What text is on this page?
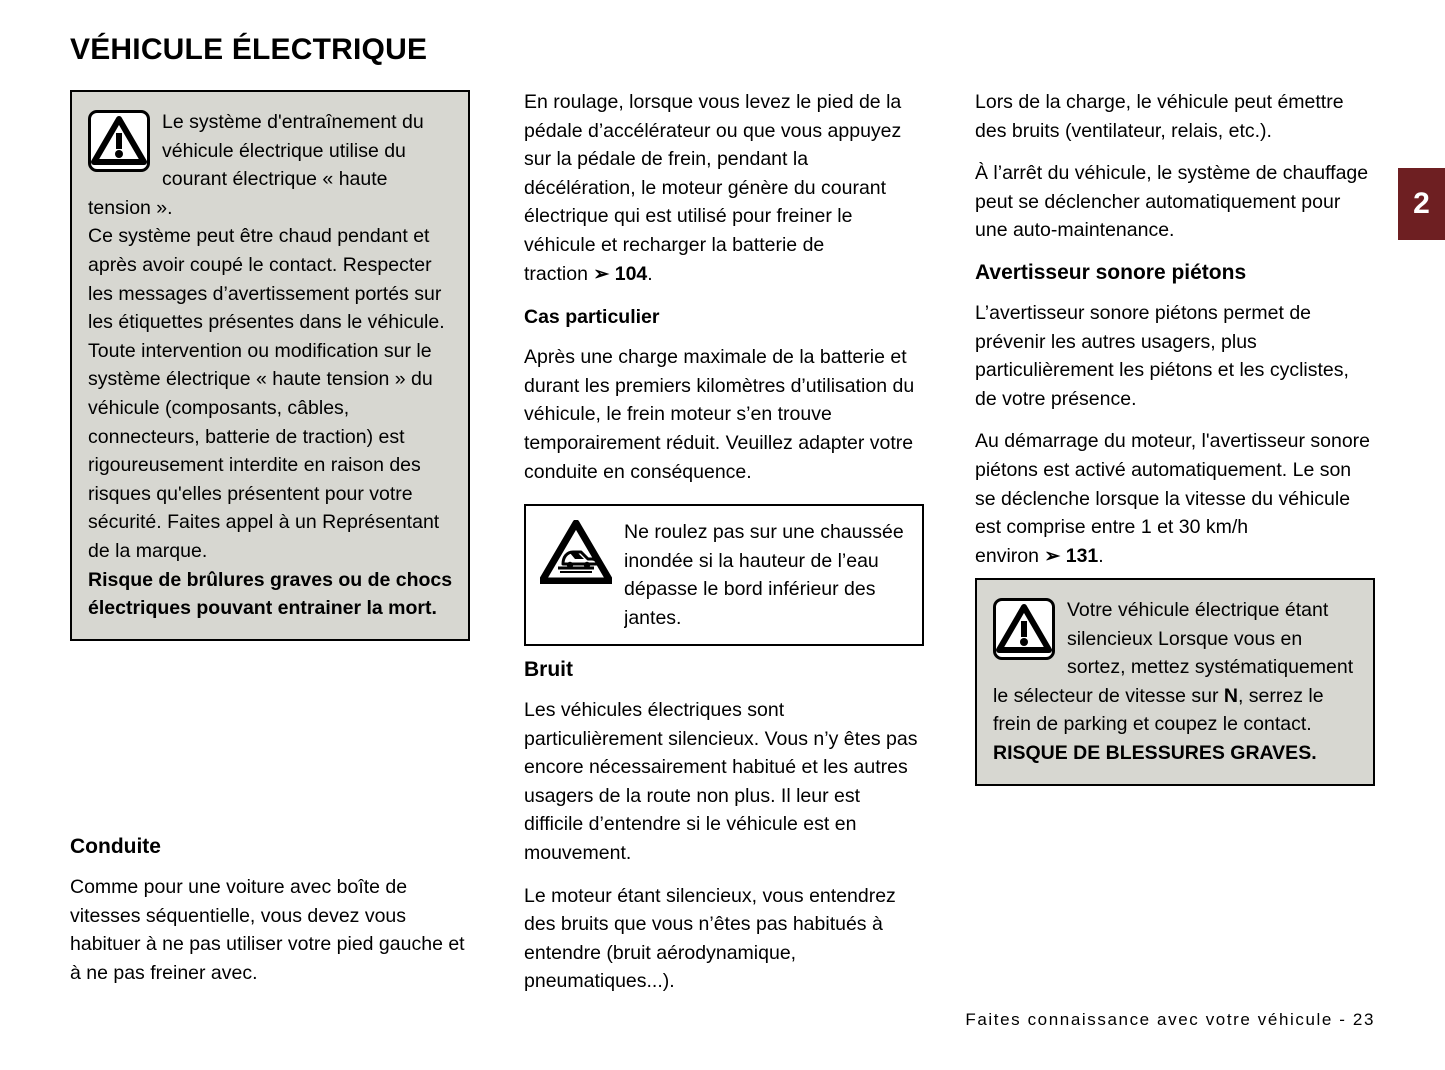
VÉHICULE ÉLECTRIQUE
2

Le système d'entraînement du véhicule électrique utilise du courant électrique « haute tension ».

Ce système peut être chaud pendant et après avoir coupé le contact. Respecter les messages d’avertissement portés sur les étiquettes présentes dans le véhicule.

Toute intervention ou modification sur le système électrique « haute tension » du véhicule (composants, câbles, connecteurs, batterie de traction) est rigoureusement interdite en raison des risques qu'elles présentent pour votre sécurité. Faites appel à un Représentant de la marque.

Risque de brûlures graves ou de chocs électriques pouvant entrainer la mort.

Conduite

Comme pour une voiture avec boîte de vitesses séquentielle, vous devez vous habituer à ne pas utiliser votre pied gauche et à ne pas freiner avec.

En roulage, lorsque vous levez le pied de la pédale d’accélérateur ou que vous appuyez sur la pédale de frein, pendant la décélération, le moteur génère du courant électrique qui est utilisé pour freiner le véhicule et recharger la batterie de traction ➢ 104.

Cas particulier

Après une charge maximale de la batterie et durant les premiers kilomètres d’utilisation du véhicule, le frein moteur s’en trouve temporairement réduit. Veuillez adapter votre conduite en conséquence.

Ne roulez pas sur une chaussée inondée si la hauteur de l’eau dépasse le bord inférieur des jantes.

Bruit

Les véhicules électriques sont particulièrement silencieux. Vous n’y êtes pas encore nécessairement habitué et les autres usagers de la route non plus. Il leur est difficile d’entendre si le véhicule est en mouvement.

Le moteur étant silencieux, vous entendrez des bruits que vous n’êtes pas habitués à entendre (bruit aérodynamique, pneumatiques...).

Lors de la charge, le véhicule peut émettre des bruits (ventilateur, relais, etc.).

À l’arrêt du véhicule, le système de chauffage peut se déclencher automatiquement pour une auto-maintenance.

Avertisseur sonore piétons

L’avertisseur sonore piétons permet de prévenir les autres usagers, plus particulièrement les piétons et les cyclistes, de votre présence.

Au démarrage du moteur, l'avertisseur sonore piétons est activé automatiquement. Le son se déclenche lorsque la vitesse du véhicule est comprise entre 1 et 30 km/h environ ➢ 131.

Votre véhicule électrique étant silencieux Lorsque vous en sortez, mettez systématiquement le sélecteur de vitesse sur N, serrez le frein de parking et coupez le contact.

RISQUE DE BLESSURES GRAVES.

Faites connaissance avec votre véhicule - 23
